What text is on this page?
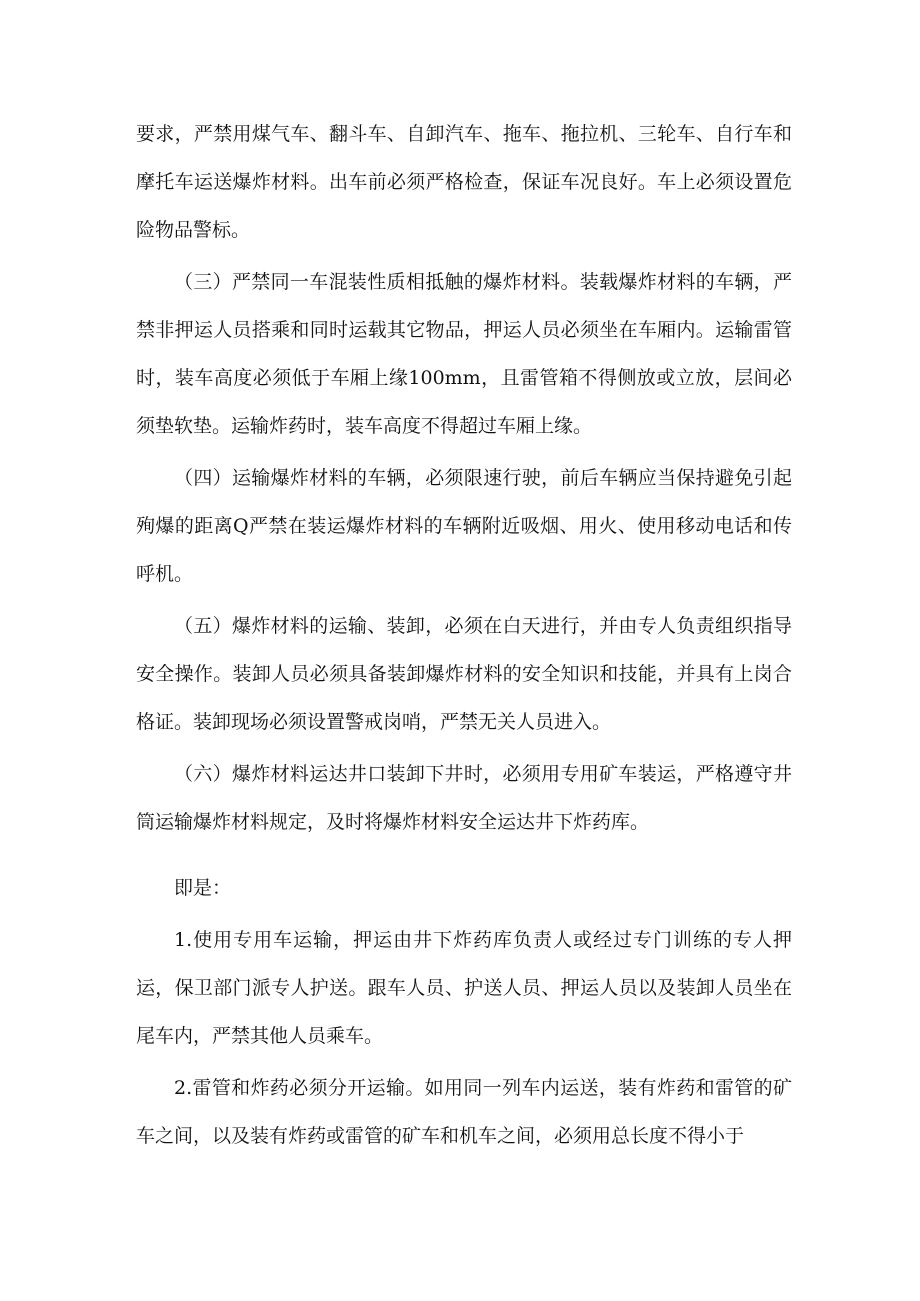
要求，严禁用煤气车、翻斗车、自卸汽车、拖车、拖拉机、三轮车、自行车和摩托车运送爆炸材料。出车前必须严格检查，保证车况良好。车上必须设置危险物品警标。

（三）严禁同一车混装性质相抵触的爆炸材料。装载爆炸材料的车辆，严禁非押运人员搭乘和同时运载其它物品，押运人员必须坐在车厢内。运输雷管时，装车高度必须低于车厢上缘100mm，且雷管箱不得侧放或立放，层间必须垫软垫。运输炸药时，装车高度不得超过车厢上缘。

（四）运输爆炸材料的车辆，必须限速行驶，前后车辆应当保持避免引起殉爆的距离Q严禁在装运爆炸材料的车辆附近吸烟、用火、使用移动电话和传呼机。

（五）爆炸材料的运输、装卸，必须在白天进行，并由专人负责组织指导安全操作。装卸人员必须具备装卸爆炸材料的安全知识和技能，并具有上岗合格证。装卸现场必须设置警戒岗哨，严禁无关人员进入。

（六）爆炸材料运达井口装卸下井时，必须用专用矿车装运，严格遵守井筒运输爆炸材料规定，及时将爆炸材料安全运达井下炸药库。

即是：

1.使用专用车运输，押运由井下炸药库负责人或经过专门训练的专人押运，保卫部门派专人护送。跟车人员、护送人员、押运人员以及装卸人员坐在尾车内，严禁其他人员乘车。

2.雷管和炸药必须分开运输。如用同一列车内运送，装有炸药和雷管的矿车之间，以及装有炸药或雷管的矿车和机车之间，必须用总长度不得小于
